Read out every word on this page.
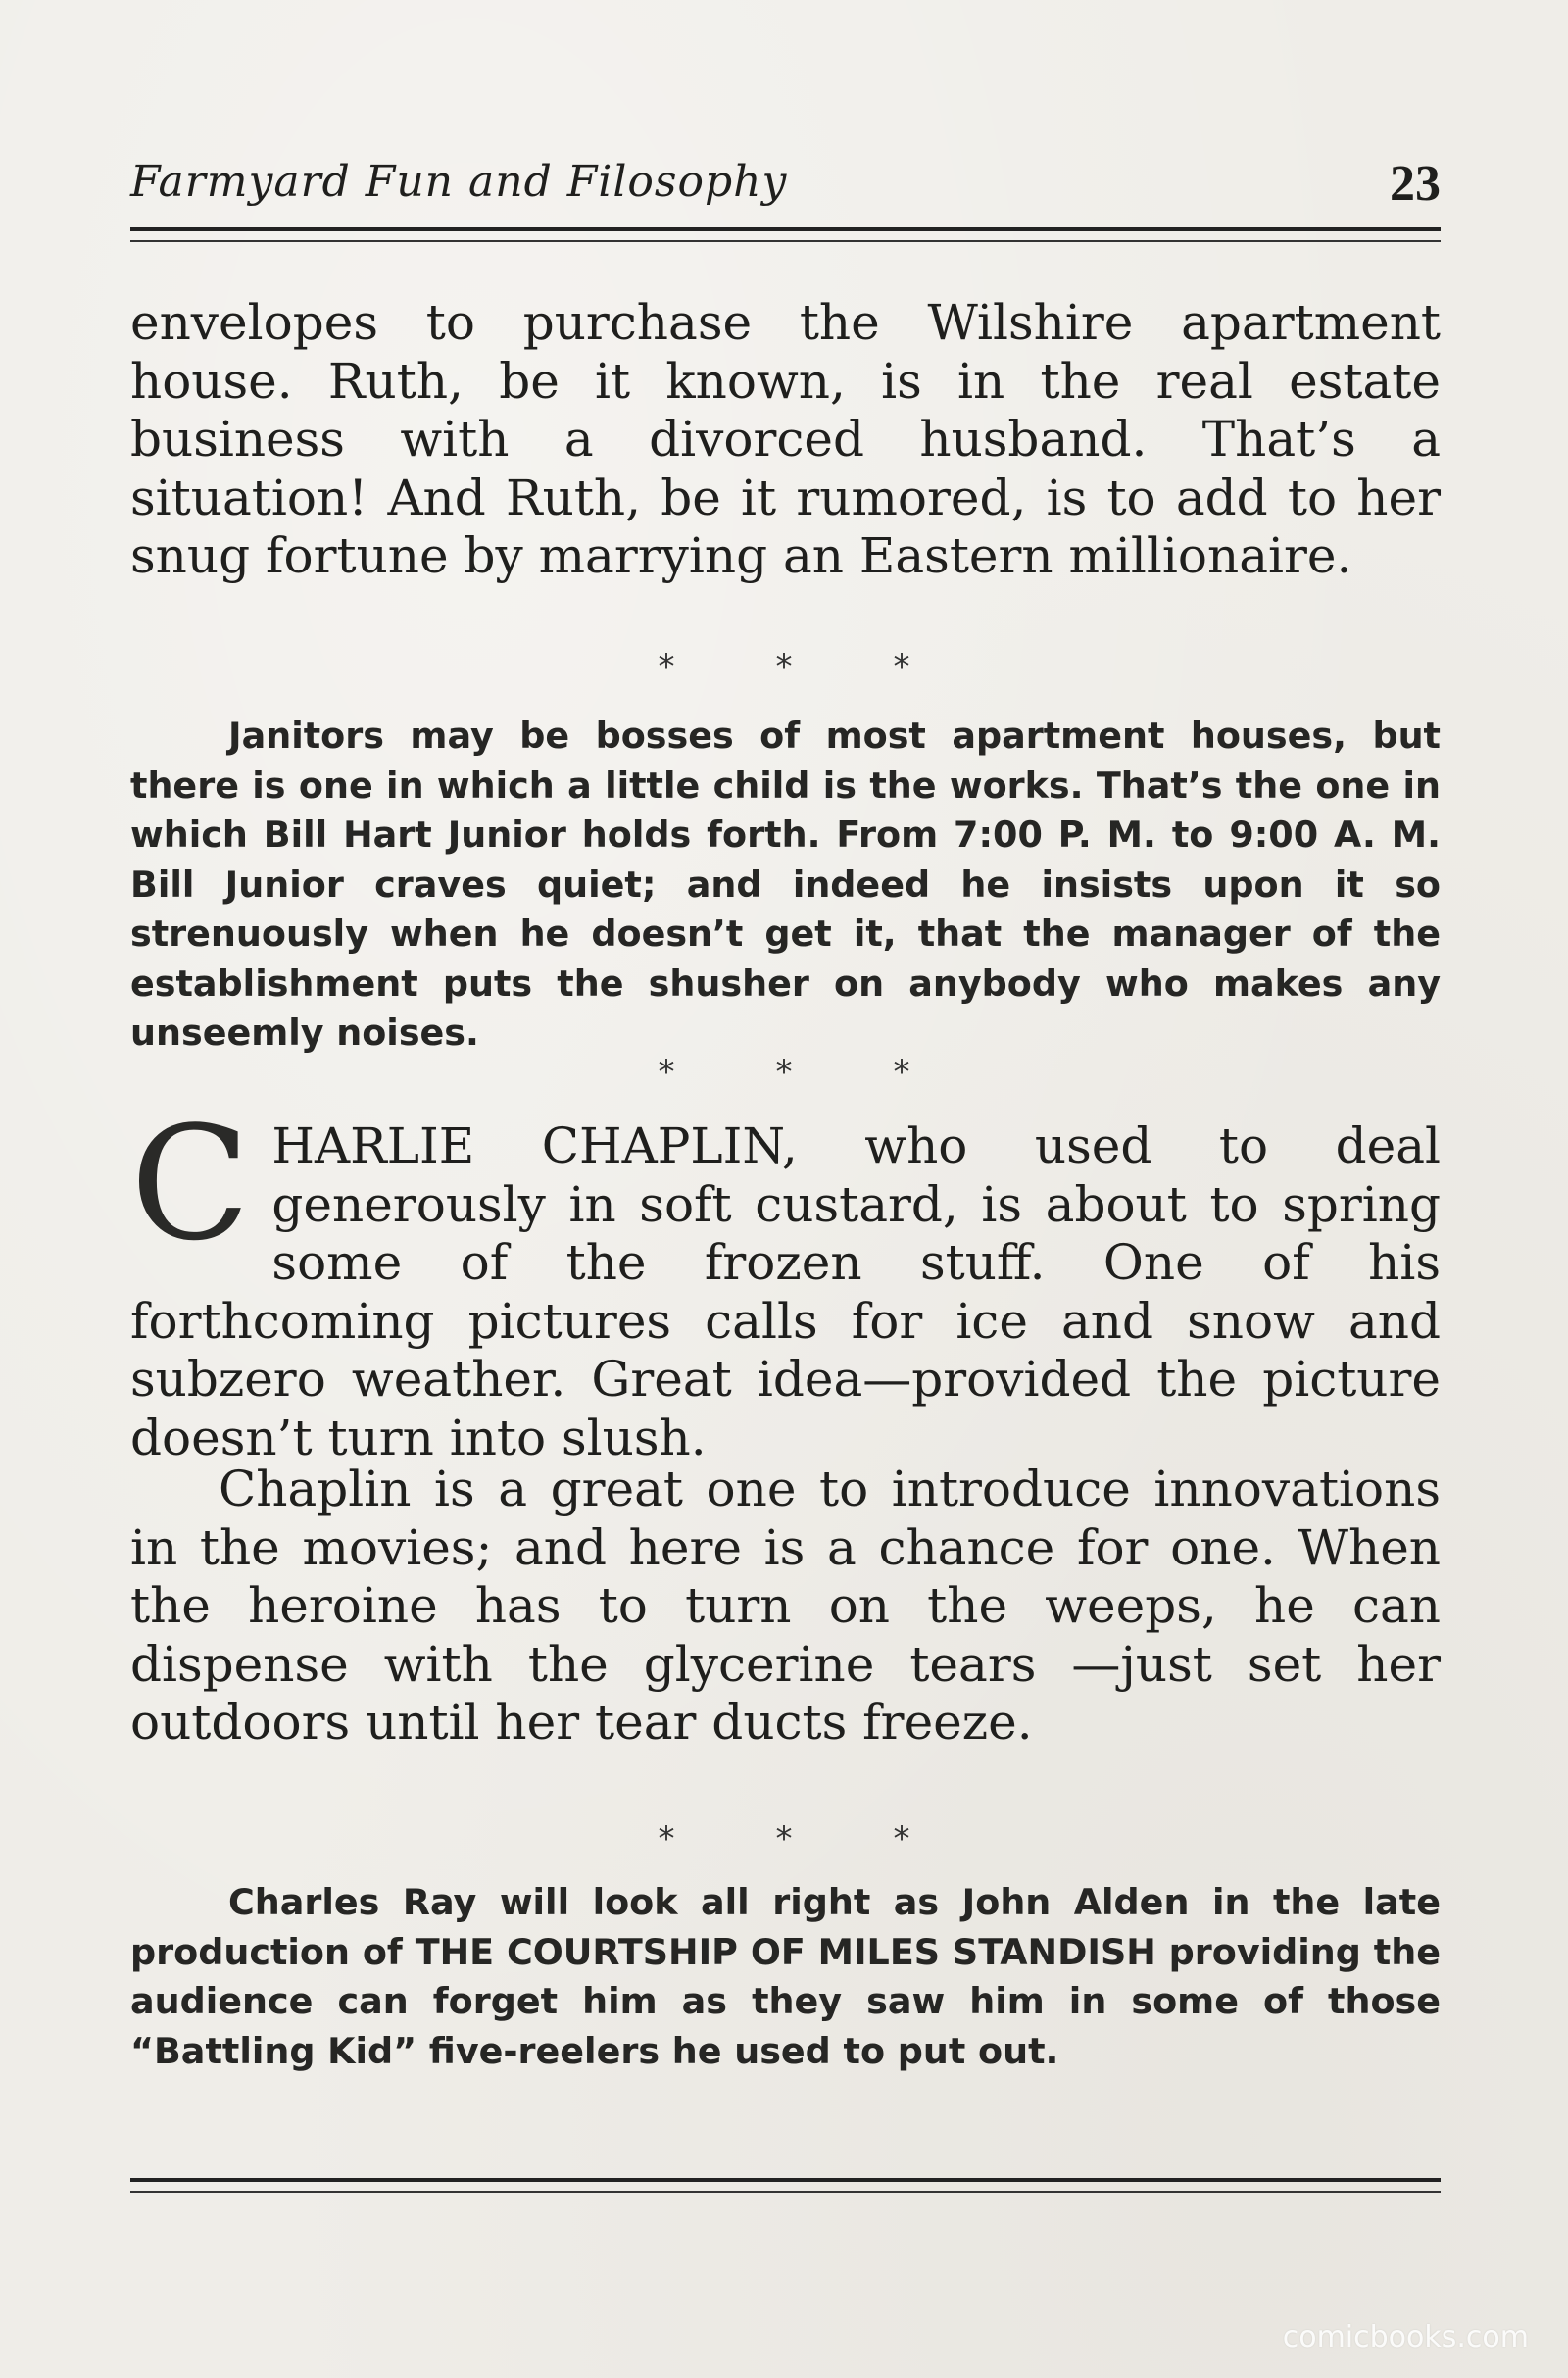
Farmyard Fun and Filosophy	23

envelopes to purchase the Wilshire apartment house. Ruth, be it known, is in the real estate business with a divorced husband. That’s a situation! And Ruth, be it rumored, is to add to her snug fortune by marrying an Eastern millionaire.

*	*	*

Janitors may be bosses of most apartment houses, but there is one in which a little child is the works. That’s the one in which Bill Hart Junior holds forth. From 7:00 P. M. to 9:00 A. M. Bill Junior craves quiet; and indeed he insists upon it so strenuously when he doesn’t get it, that the manager of the establishment puts the shusher on anybody who makes any unseemly noises.

*	*	*
CHARLIE CHAPLIN, who used to deal generously in soft custard, is about to spring some of the frozen stuff. One of his forthcoming pictures calls for ice and snow and subzero weather. Great idea—provided the picture doesn’t turn into slush.

Chaplin is a great one to introduce innovations in the movies; and here is a chance for one. When the heroine has to turn on the weeps, he can dispense with the glycerine tears —just set her outdoors until her tear ducts freeze.

*	*	*

Charles Ray will look all right as John Alden in the late production of THE COURTSHIP OF MILES STANDISH providing the audience can forget him as they saw him in some of those “Battling Kid” five-reelers he used to put out.

comicbooks.com
